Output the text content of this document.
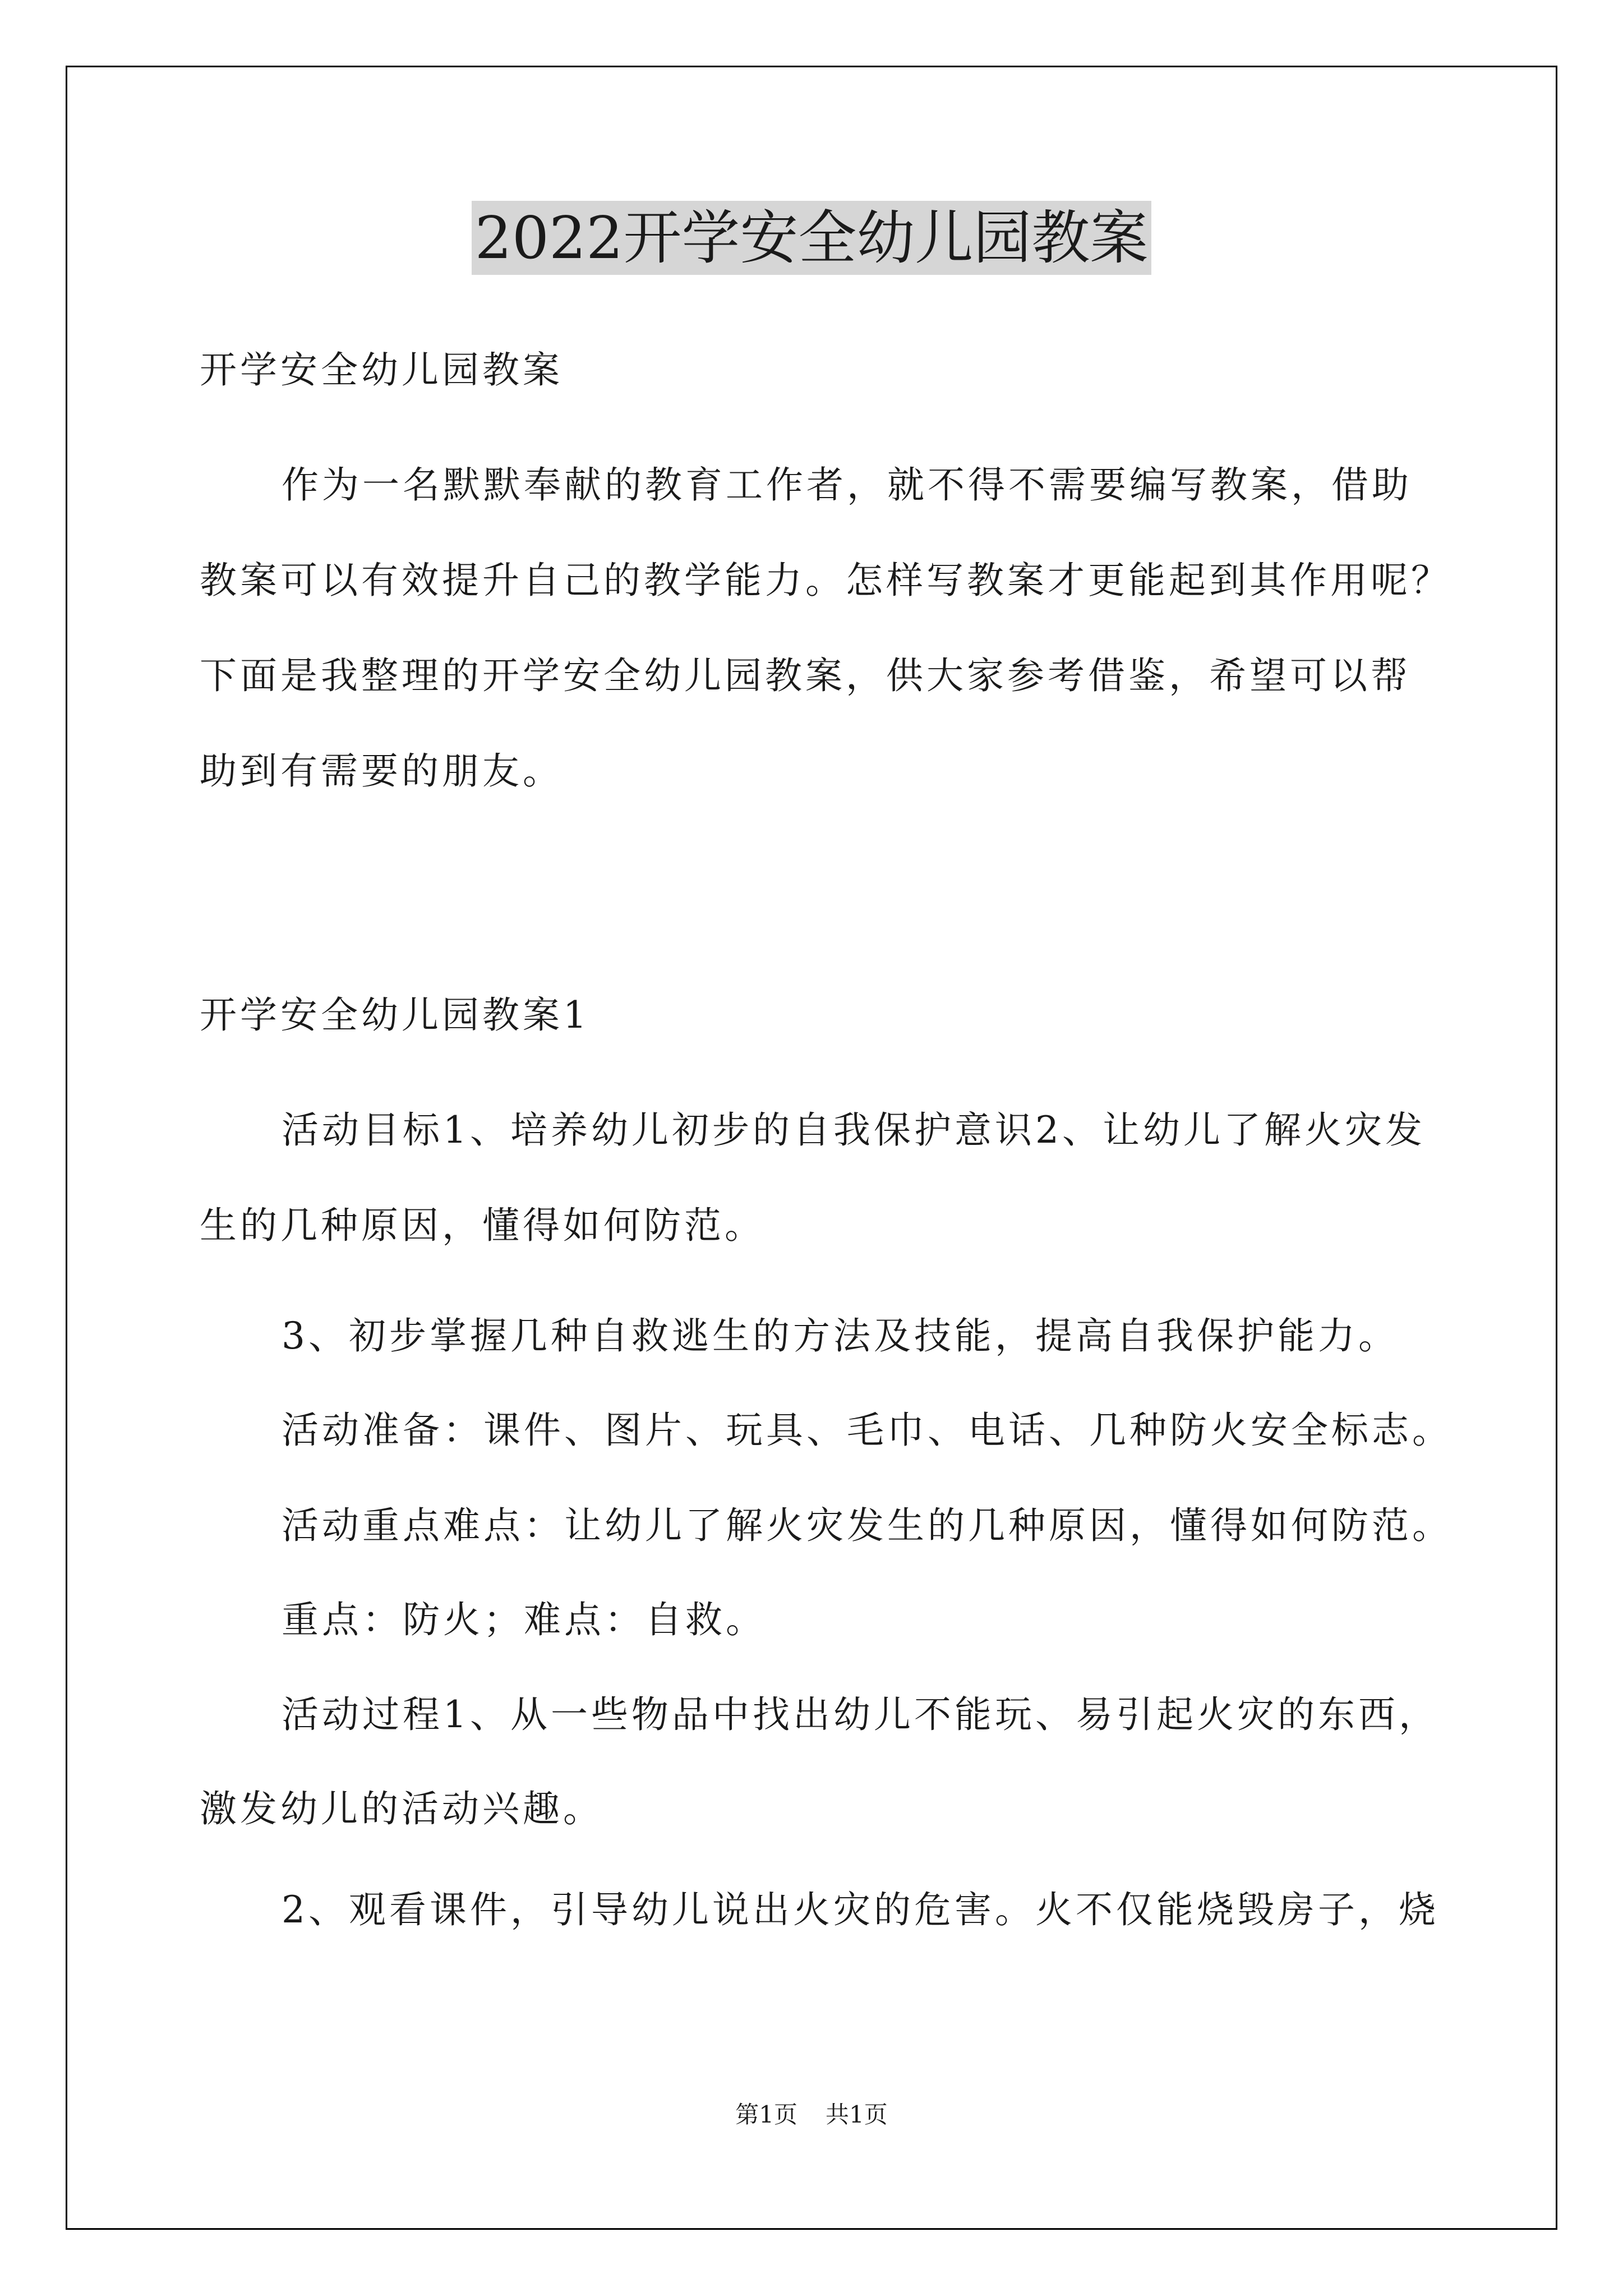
2022开学安全幼儿园教案
开学安全幼儿园教案
作为一名默默奉献的教育工作者，就不得不需要编写教案，借助
教案可以有效提升自己的教学能力。怎样写教案才更能起到其作用呢？
下面是我整理的开学安全幼儿园教案，供大家参考借鉴，希望可以帮
助到有需要的朋友。
开学安全幼儿园教案1
活动目标1、培养幼儿初步的自我保护意识2、让幼儿了解火灾发
生的几种原因，懂得如何防范。
3、初步掌握几种自救逃生的方法及技能，提高自我保护能力。
活动准备：课件、图片、玩具、毛巾、电话、几种防火安全标志。
活动重点难点：让幼儿了解火灾发生的几种原因，懂得如何防范。
重点：防火；难点：自救。
活动过程1、从一些物品中找出幼儿不能玩、易引起火灾的东西，
激发幼儿的活动兴趣。
2、观看课件，引导幼儿说出火灾的危害。火不仅能烧毁房子，烧
第1页 共1页
